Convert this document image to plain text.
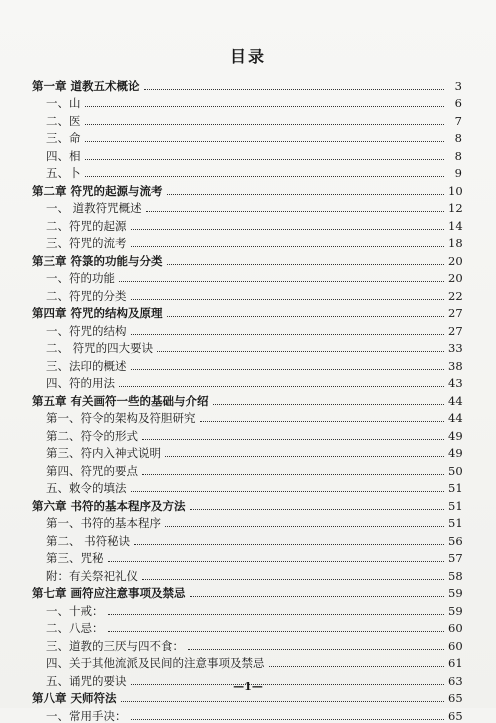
目录
第一章 道教五术概论	3
一、山	6
二、医	7
三、命	8
四、相	8
五、卜	9
第二章 符咒的起源与流考	10
一、 道教符咒概述	12
二、符咒的起源	14
三、符咒的流考	18
第三章 符箓的功能与分类	20
一、符的功能	20
二、符咒的分类	22
第四章 符咒的结构及原理	27
一、符咒的结构	27
二、 符咒的四大要诀	33
三、法印的概述	38
四、符的用法	43
第五章 有关画符一些的基础与介绍	44
第一、符令的架构及符胆研究	44
第二、符令的形式	49
第三、符内入神式说明	49
第四、符咒的要点	50
五、敕令的填法	51
第六章 书符的基本程序及方法	51
第一、书符的基本程序	51
第二、 书符秘诀	56
第三、咒秘	57
附：有关祭祀礼仪	58
第七章 画符应注意事项及禁忌	59
一、十戒：	59
二、八忌：	60
三、道教的三厌与四不食：	60
四、关于其他流派及民间的注意事项及禁忌	61
五、诵咒的要诀	63
第八章 天师符法	65
一、常用手决：	65
—1—
